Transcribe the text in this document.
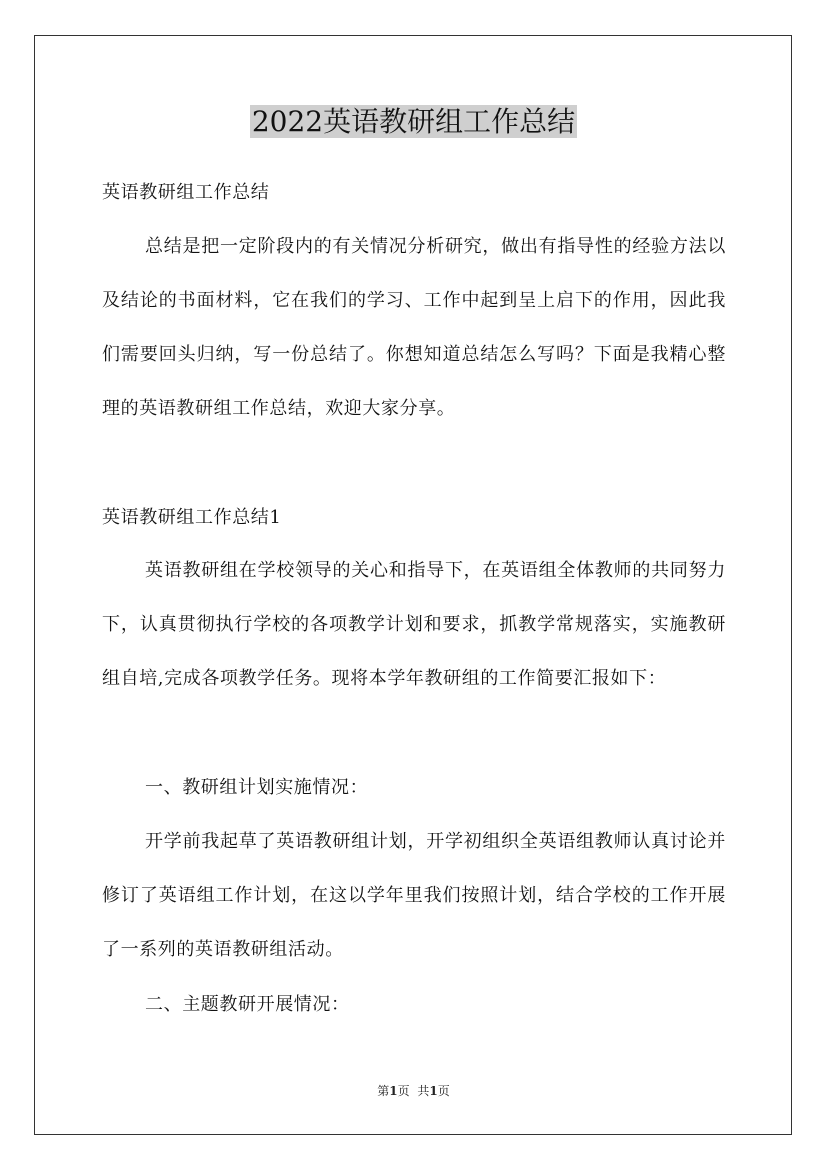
2022英语教研组工作总结

英语教研组工作总结

总结是把一定阶段内的有关情况分析研究，做出有指导性的经验方法以及结论的书面材料，它在我们的学习、工作中起到呈上启下的作用，因此我们需要回头归纳，写一份总结了。你想知道总结怎么写吗？下面是我精心整理的英语教研组工作总结，欢迎大家分享。

英语教研组工作总结1

英语教研组在学校领导的关心和指导下，在英语组全体教师的共同努力下，认真贯彻执行学校的各项教学计划和要求，抓教学常规落实，实施教研组自培,完成各项教学任务。现将本学年教研组的工作简要汇报如下：

一、教研组计划实施情况：

开学前我起草了英语教研组计划，开学初组织全英语组教师认真讨论并修订了英语组工作计划，在这以学年里我们按照计划，结合学校的工作开展了一系列的英语教研组活动。

二、主题教研开展情况：

第1页 共1页
